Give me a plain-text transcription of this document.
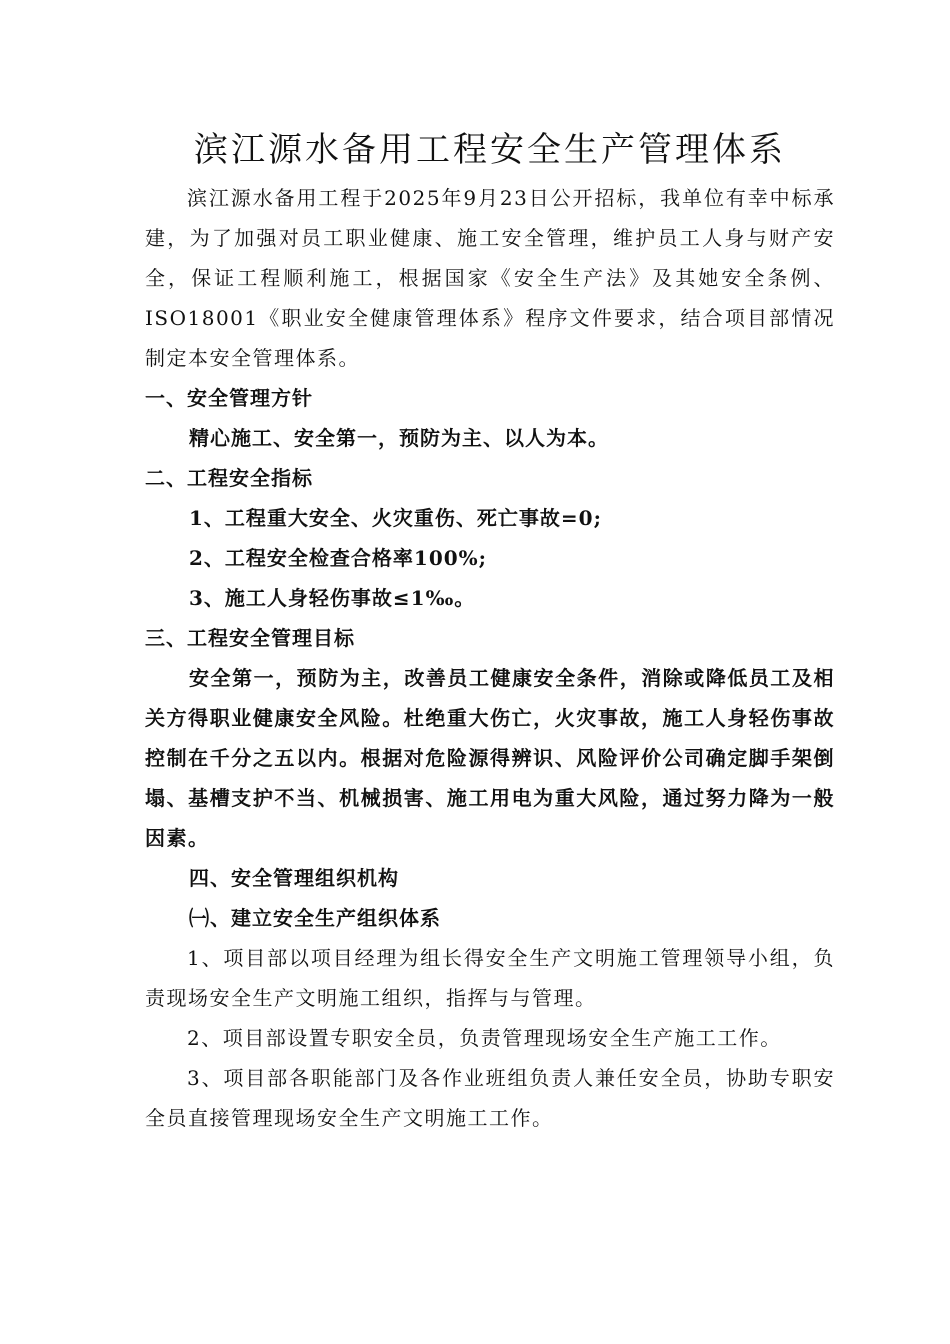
滨江源水备用工程安全生产管理体系

滨江源水备用工程于2025年9月23日公开招标，我单位有幸中标承建，为了加强对员工职业健康、施工安全管理，维护员工人身与财产安全，保证工程顺利施工，根据国家《安全生产法》及其她安全条例、ISO18001《职业安全健康管理体系》程序文件要求，结合项目部情况制定本安全管理体系。

一、安全管理方针

精心施工、安全第一，预防为主、以人为本。

二、工程安全指标

1、工程重大安全、火灾重伤、死亡事故=0;

2、工程安全检查合格率100%;

3、施工人身轻伤事故≤1‰。

三、工程安全管理目标

安全第一，预防为主，改善员工健康安全条件，消除或降低员工及相关方得职业健康安全风险。杜绝重大伤亡，火灾事故，施工人身轻伤事故控制在千分之五以内。根据对危险源得辨识、风险评价公司确定脚手架倒塌、基槽支护不当、机械损害、施工用电为重大风险，通过努力降为一般因素。

四、安全管理组织机构

㈠、建立安全生产组织体系

1、项目部以项目经理为组长得安全生产文明施工管理领导小组，负责现场安全生产文明施工组织，指挥与与管理。

2、项目部设置专职安全员，负责管理现场安全生产施工工作。

3、项目部各职能部门及各作业班组负责人兼任安全员，协助专职安全员直接管理现场安全生产文明施工工作。
